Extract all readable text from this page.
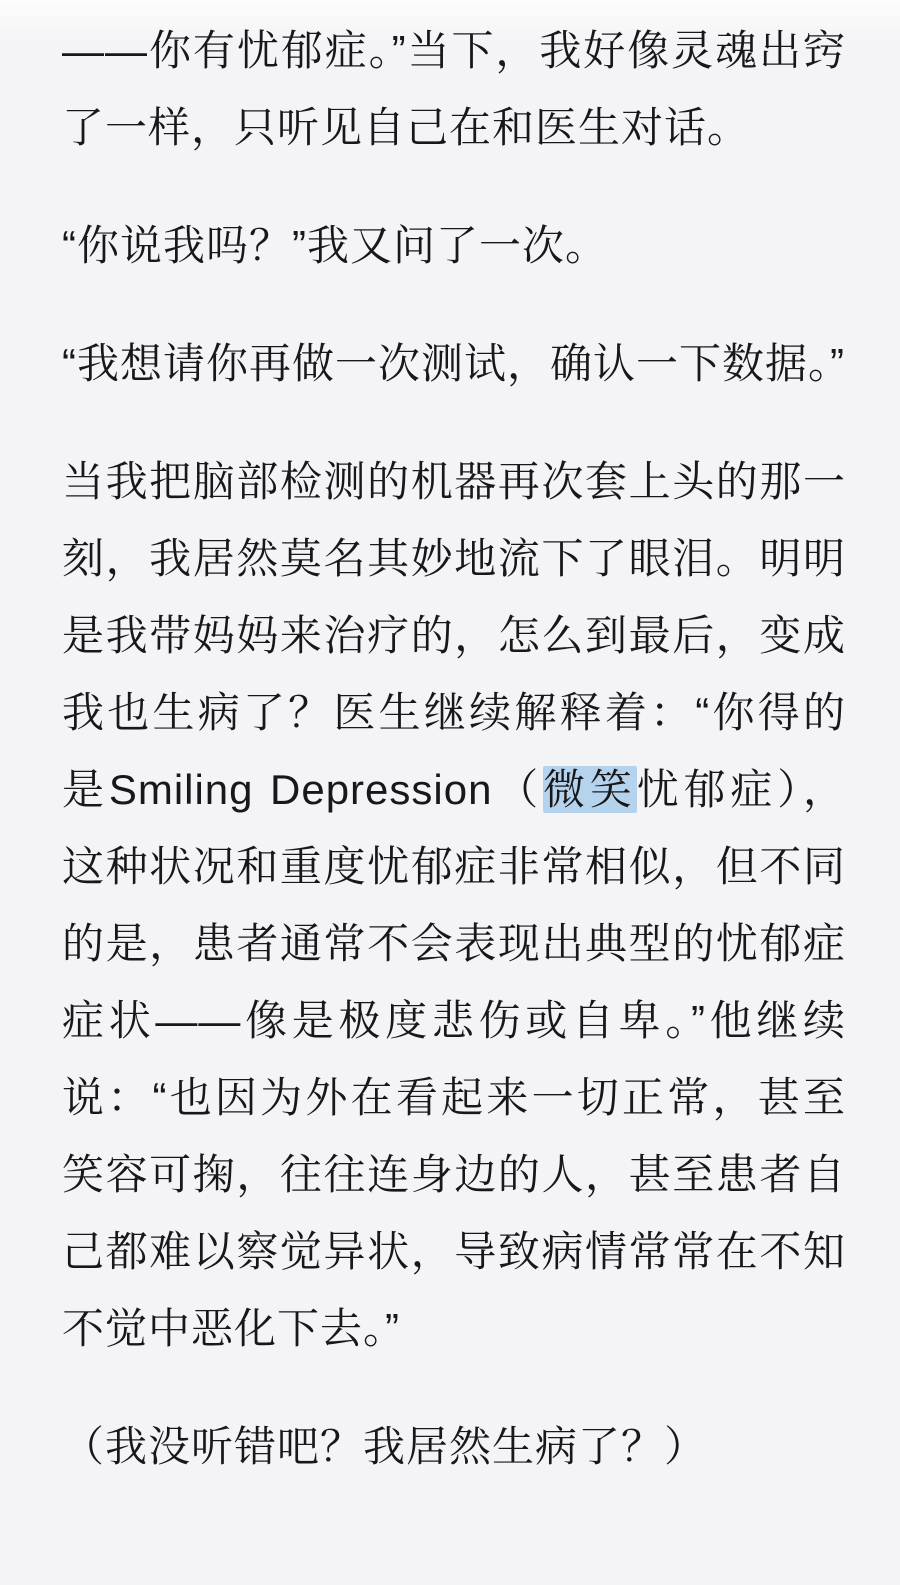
——你有忧郁症。”当下，我好像灵魂出窍了一样，只听见自己在和医生对话。

“你说我吗？”我又问了一次。

“我想请你再做一次测试，确认一下数据。”

当我把脑部检测的机器再次套上头的那一刻，我居然莫名其妙地流下了眼泪。明明是我带妈妈来治疗的，怎么到最后，变成我也生病了？医生继续解释着：“你得的是Smiling Depression（微笑忧郁症），这种状况和重度忧郁症非常相似，但不同的是，患者通常不会表现出典型的忧郁症症状——像是极度悲伤或自卑。”他继续说：“也因为外在看起来一切正常，甚至笑容可掬，往往连身边的人，甚至患者自己都难以察觉异状，导致病情常常在不知不觉中恶化下去。”

（我没听错吧？我居然生病了？）
